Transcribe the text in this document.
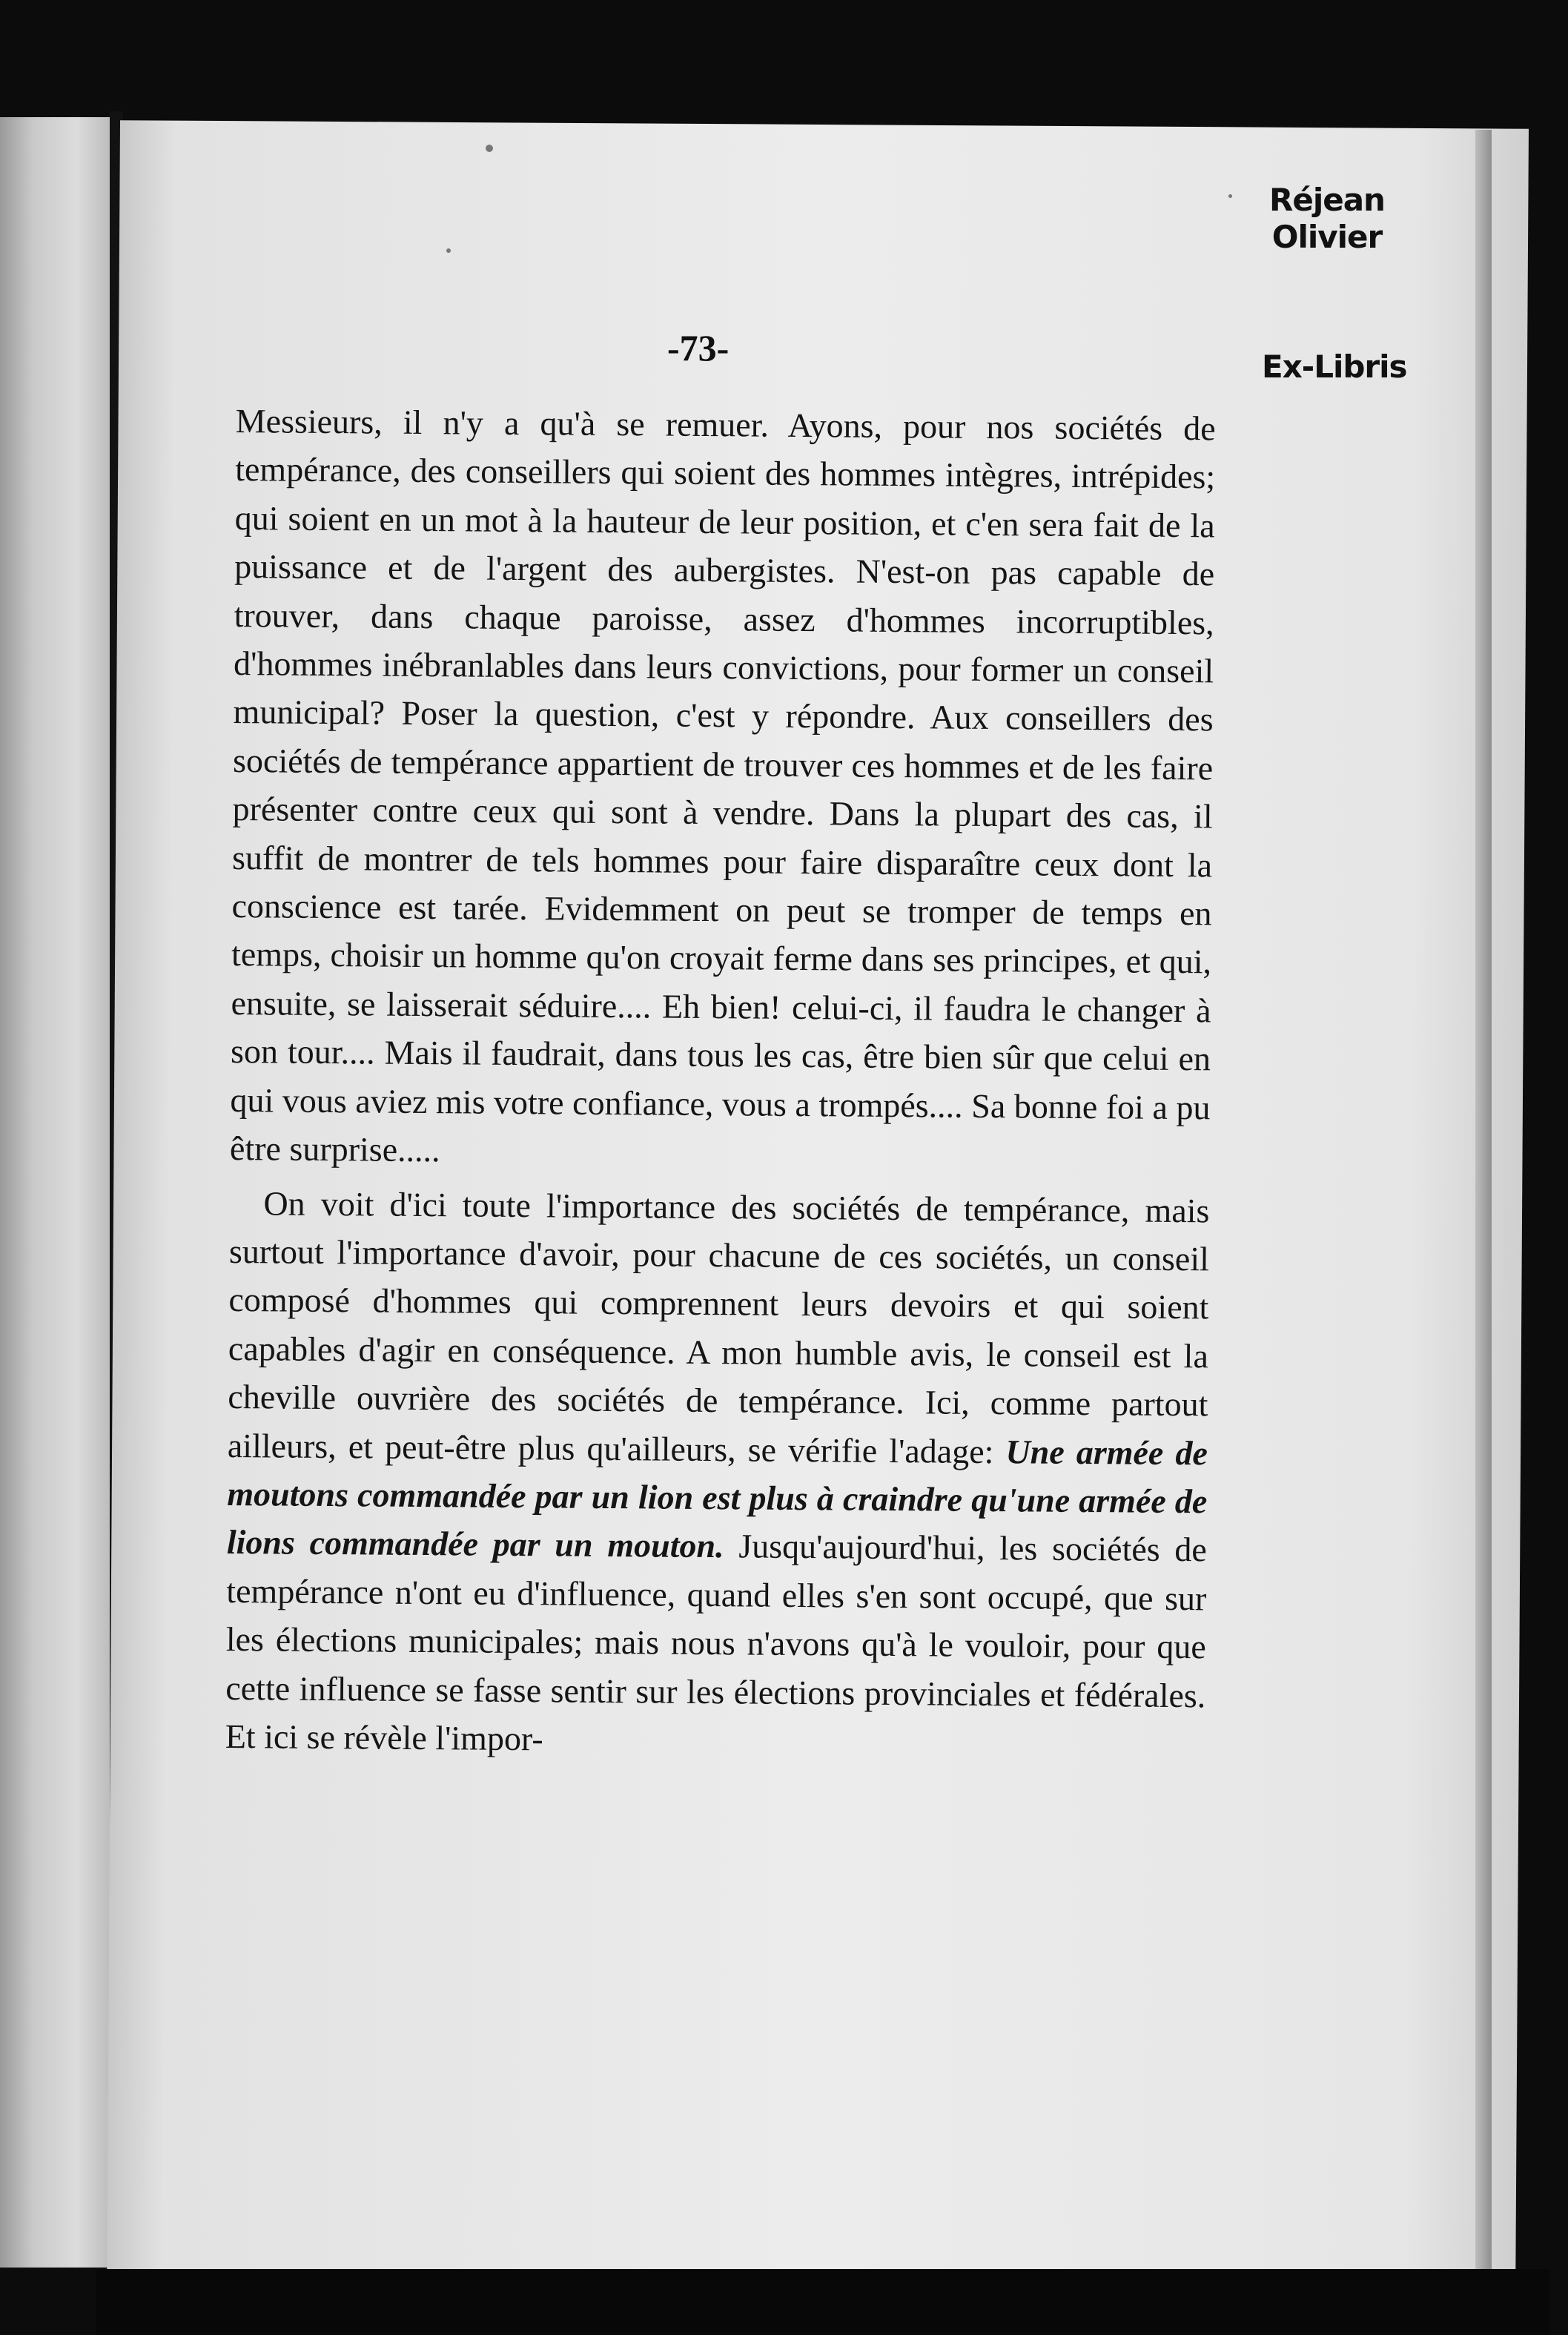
Réjean
Olivier
Ex-Libris
-73-

Messieurs, il n'y a qu'à se remuer. Ayons, pour nos sociétés de tempérance, des conseillers qui soient des hommes intègres, intrépides; qui soient en un mot à la hauteur de leur position, et c'en sera fait de la puissance et de l'argent des aubergistes. N'est-on pas capable de trouver, dans chaque paroisse, assez d'hommes incorruptibles, d'hommes inébranlables dans leurs convictions, pour former un conseil municipal? Poser la question, c'est y répondre. Aux conseillers des sociétés de tempérance appartient de trouver ces hommes et de les faire présenter contre ceux qui sont à vendre. Dans la plupart des cas, il suffit de montrer de tels hommes pour faire disparaître ceux dont la conscience est tarée. Evidemment on peut se tromper de temps en temps, choisir un homme qu'on croyait ferme dans ses principes, et qui, ensuite, se laisserait séduire.... Eh bien! celui-ci, il faudra le changer à son tour.... Mais il faudrait, dans tous les cas, être bien sûr que celui en qui vous aviez mis votre confiance, vous a trompés.... Sa bonne foi a pu être surprise.....

On voit d'ici toute l'importance des sociétés de tempérance, mais surtout l'importance d'avoir, pour chacune de ces sociétés, un conseil composé d'hommes qui comprennent leurs devoirs et qui soient capables d'agir en conséquence. A mon humble avis, le conseil est la cheville ouvrière des sociétés de tempérance. Ici, comme partout ailleurs, et peut-être plus qu'ailleurs, se vérifie l'adage: Une armée de moutons commandée par un lion est plus à craindre qu'une armée de lions commandée par un mouton. Jusqu'aujourd'hui, les sociétés de tempérance n'ont eu d'influence, quand elles s'en sont occupé, que sur les élections municipales; mais nous n'avons qu'à le vouloir, pour que cette influence se fasse sentir sur les élections provinciales et fédérales. Et ici se révèle l'impor-
